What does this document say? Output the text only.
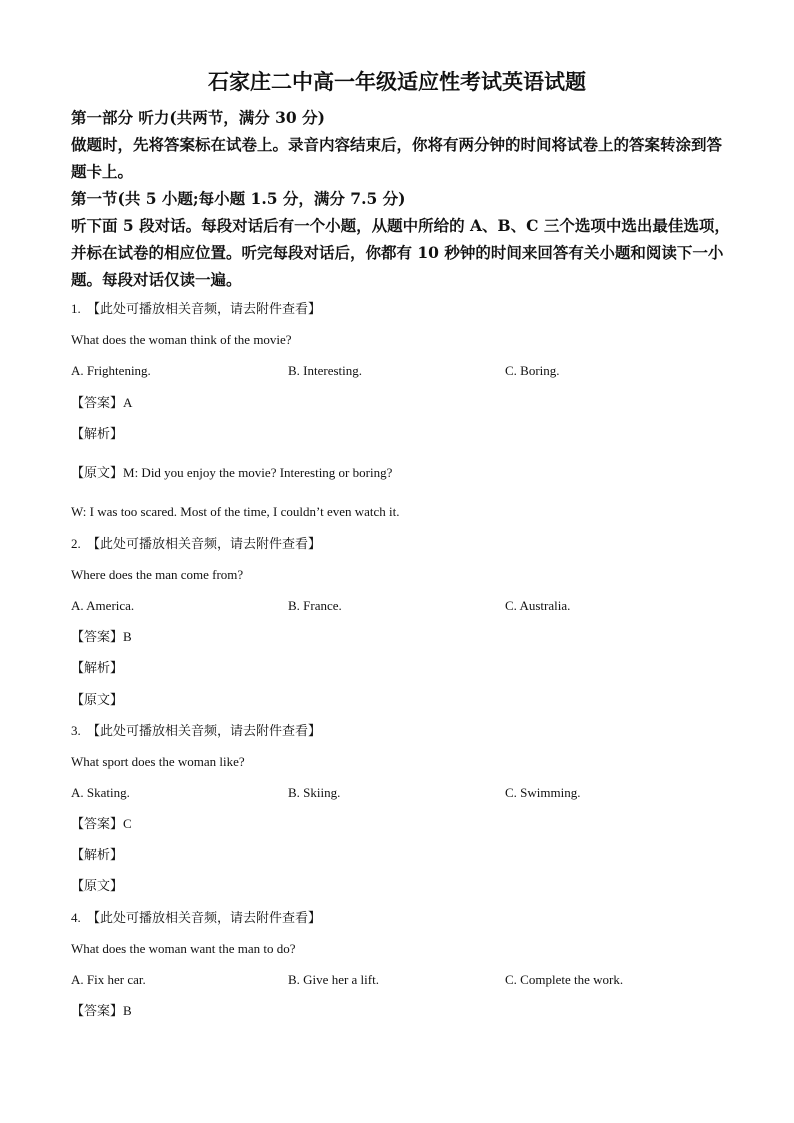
石家庄二中高一年级适应性考试英语试题
第一部分 听力(共两节，满分 30 分)
做题时，先将答案标在试卷上。录音内容结束后，你将有两分钟的时间将试卷上的答案转涂到答题卡上。
第一节(共 5 小题;每小题 1.5 分，满分 7.5 分)
听下面 5 段对话。每段对话后有一个小题，从题中所给的 A、B、C 三个选项中选出最佳选项，并标在试卷的相应位置。听完每段对话后，你都有 10 秒钟的时间来回答有关小题和阅读下一小题。每段对话仅读一遍。
1. 【此处可播放相关音频，请去附件查看】
What does the woman think of the movie?
A. Frightening.	B. Interesting.	C. Boring.
【答案】A
【解析】
【原文】M: Did you enjoy the movie? Interesting or boring?
W: I was too scared. Most of the time, I couldn’t even watch it.
2. 【此处可播放相关音频，请去附件查看】
Where does the man come from?
A. America.	B. France.	C. Australia.
【答案】B
【解析】
【原文】
3. 【此处可播放相关音频，请去附件查看】
What sport does the woman like?
A. Skating.	B. Skiing.	C. Swimming.
【答案】C
【解析】
【原文】
4. 【此处可播放相关音频，请去附件查看】
What does the woman want the man to do?
A. Fix her car.	B. Give her a lift.	C. Complete the work.
【答案】B
